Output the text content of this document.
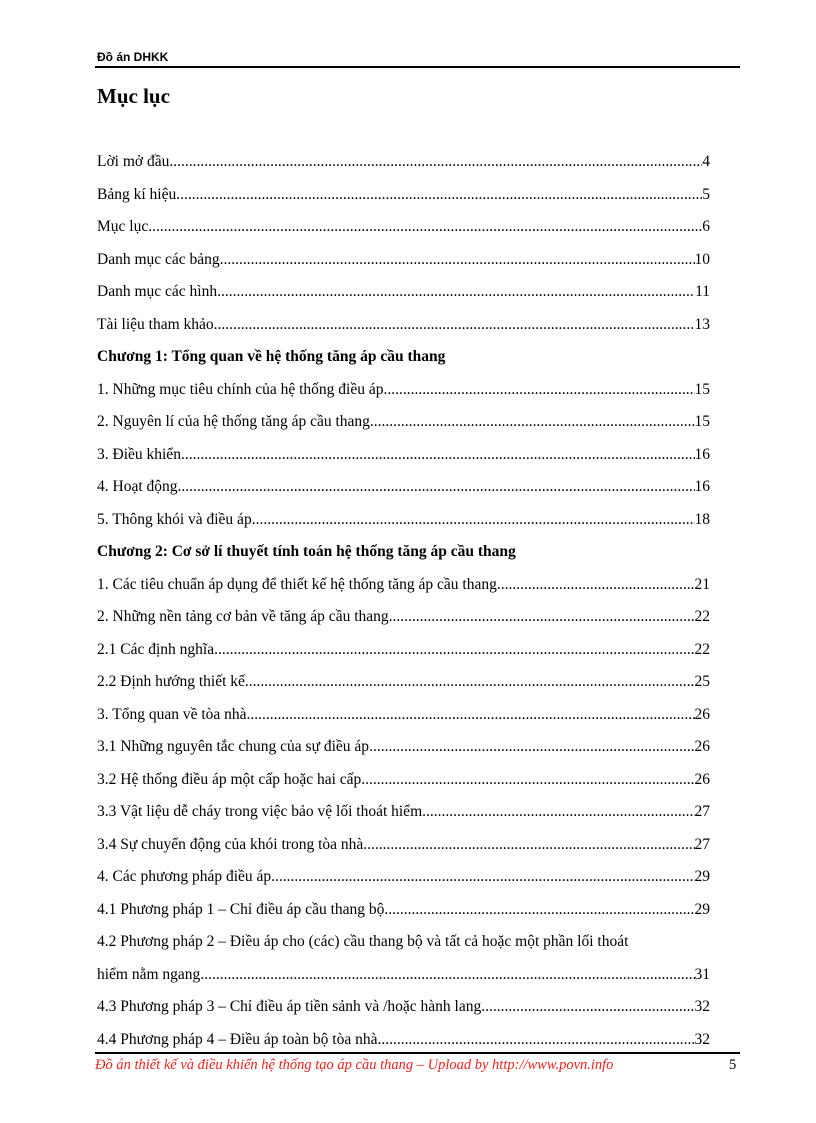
Đồ án DHKK
Mục lục
Lời mở đầu .....	4
Bảng kí hiệu .....	5
Mục lục .....	6
Danh mục các bảng .....	10
Danh mục các hình .....	11
Tài liệu tham khảo .....	13
Chương 1: Tổng quan về hệ thống tăng áp cầu thang
1. Những mục tiêu chính của hệ thống điều áp .....	15
2. Nguyên lí của hệ thống tăng áp cầu thang .....	15
3. Điều khiển .....	16
4. Hoạt động .....	16
5. Thông khói và điều áp .....	18
Chương 2: Cơ sở lí thuyết tính toán hệ thống tăng áp cầu thang
1. Các tiêu chuẩn áp dụng để thiết kế hệ thống tăng áp cầu thang .....	21
2. Những nền tảng cơ bản về tăng áp cầu thang .....	22
2.1 Các định nghĩa .....	22
2.2 Định hướng thiết kế .....	25
3. Tổng quan về tòa nhà .....	26
3.1 Những nguyên tắc chung của sự điều áp .....	26
3.2 Hệ thống điều áp một cấp hoặc hai cấp .....	26
3.3 Vật liệu dễ cháy trong việc bảo vệ lối thoát hiểm .....	27
3.4 Sự chuyển động của khói trong tòa nhà .....	27
4. Các phương pháp điều áp .....	29
4.1 Phương pháp 1 – Chỉ điều áp cầu thang bộ .....	29
4.2 Phương pháp 2 – Điều áp cho (các) cầu thang bộ và tất cả hoặc một phần lối thoát
hiểm nằm ngang .....	31
4.3 Phương pháp 3 – Chỉ điều áp tiền sảnh và /hoặc hành lang .....	32
4.4 Phương pháp 4 – Điều áp toàn bộ tòa nhà .....	32
Đồ án thiết kế và điều khiển hệ thống tạo áp cầu thang – Upload by http://www.povn.info	5
